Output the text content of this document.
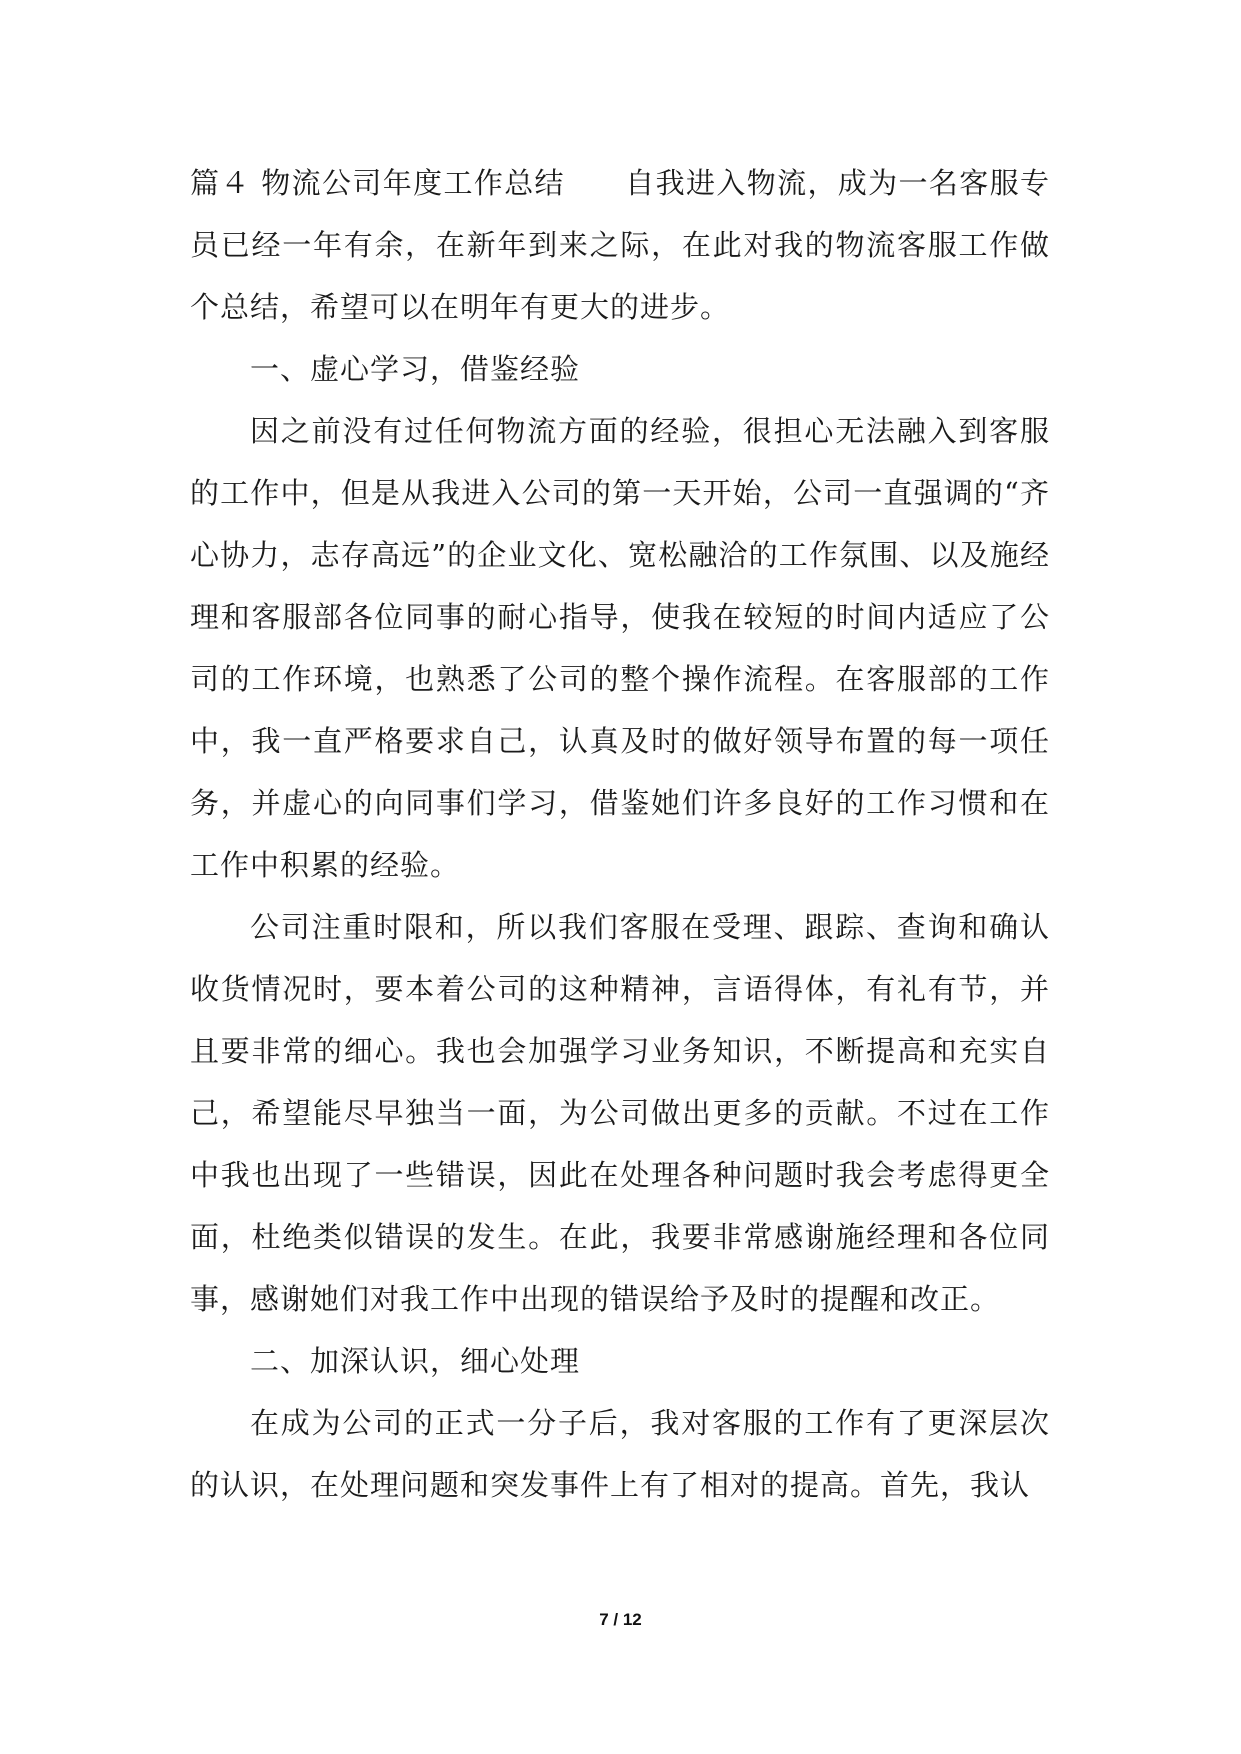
篇４ 物流公司年度工作总结 自我进入物流，成为一名客服专员已经一年有余，在新年到来之际，在此对我的物流客服工作做个总结，希望可以在明年有更大的进步。

一、虚心学习，借鉴经验

因之前没有过任何物流方面的经验，很担心无法融入到客服的工作中，但是从我进入公司的第一天开始，公司一直强调的“齐心协力，志存高远”的企业文化、宽松融洽的工作氛围、以及施经理和客服部各位同事的耐心指导，使我在较短的时间内适应了公司的工作环境，也熟悉了公司的整个操作流程。在客服部的工作中，我一直严格要求自己，认真及时的做好领导布置的每一项任务，并虚心的向同事们学习，借鉴她们许多良好的工作习惯和在工作中积累的经验。

公司注重时限和，所以我们客服在受理、跟踪、查询和确认收货情况时，要本着公司的这种精神，言语得体，有礼有节，并且要非常的细心。我也会加强学习业务知识，不断提高和充实自己，希望能尽早独当一面，为公司做出更多的贡献。不过在工作中我也出现了一些错误，因此在处理各种问题时我会考虑得更全面，杜绝类似错误的发生。在此，我要非常感谢施经理和各位同事，感谢她们对我工作中出现的错误给予及时的提醒和改正。

二、加深认识，细心处理

在成为公司的正式一分子后，我对客服的工作有了更深层次的认识，在处理问题和突发事件上有了相对的提高。首先，我认

7 / 12
